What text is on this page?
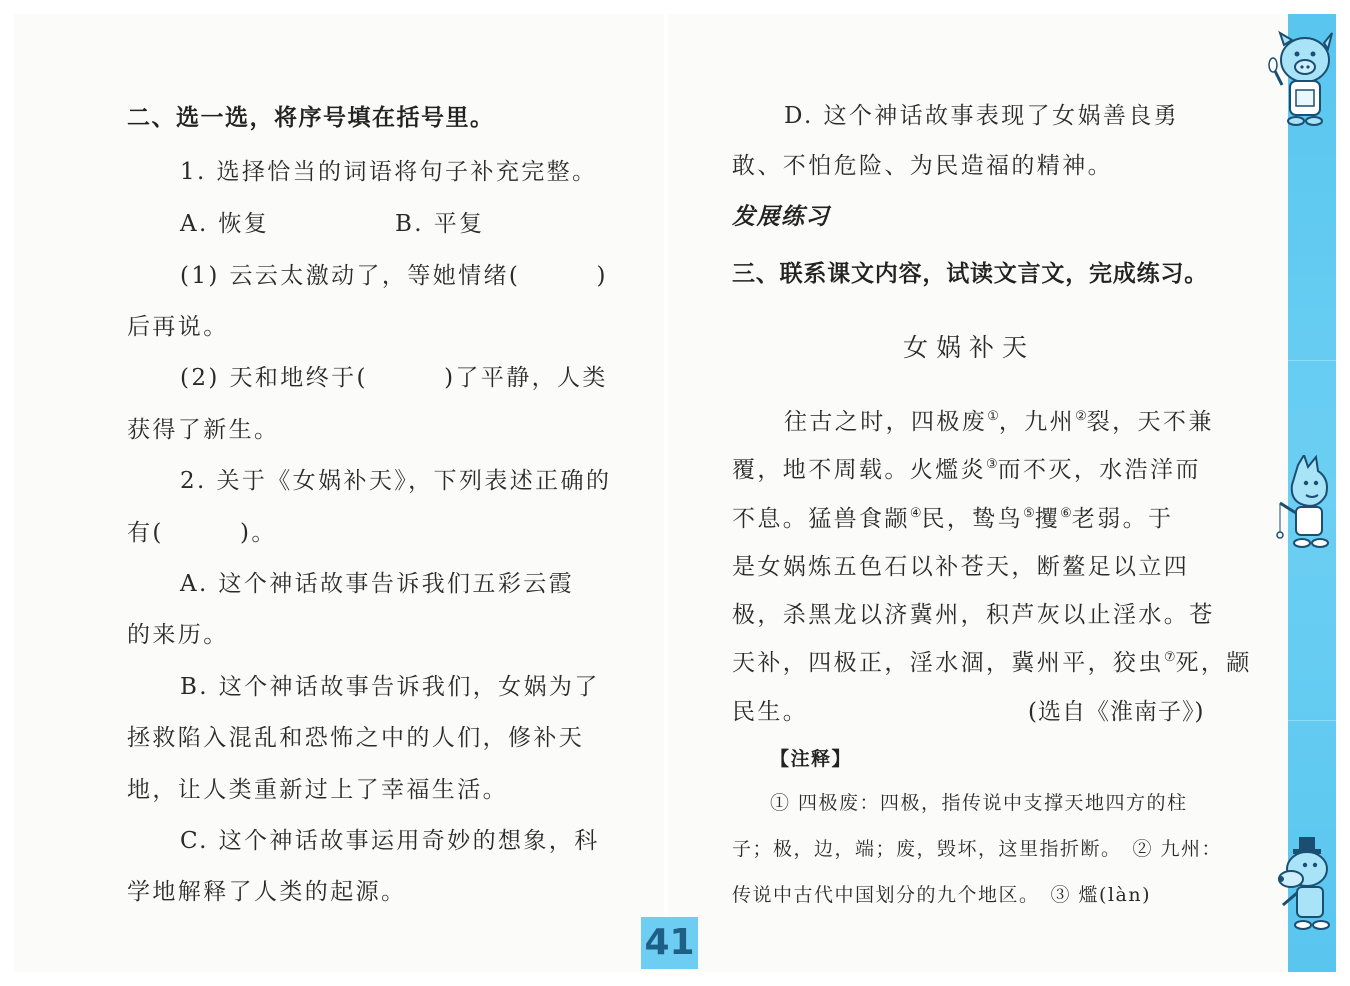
二、选一选，将序号填在括号里。
1. 选择恰当的词语将句子补充完整。
A. 恢复	B. 平复
(1) 云云太激动了，等她情绪(　　　)
后再说。
(2) 天和地终于(　　　)了平静，人类
获得了新生。
2. 关于《女娲补天》，下列表述正确的
有(　　　)。
A. 这个神话故事告诉我们五彩云霞
的来历。
B. 这个神话故事告诉我们，女娲为了
拯救陷入混乱和恐怖之中的人们，修补天
地，让人类重新过上了幸福生活。
C. 这个神话故事运用奇妙的想象，科
学地解释了人类的起源。
D. 这个神话故事表现了女娲善良勇
敢、不怕危险、为民造福的精神。
发展练习
三、联系课文内容，试读文言文，完成练习。
女娲补天
往古之时，四极废①，九州②裂，天不兼
覆，地不周载。火爁炎③而不灭，水浩洋而
不息。猛兽食颛④民，鸷鸟⑤攫⑥老弱。于
是女娲炼五色石以补苍天，断鳌足以立四
极，杀黑龙以济冀州，积芦灰以止淫水。苍
天补，四极正，淫水涸，冀州平，狡虫⑦死，颛
民生。	(选自《淮南子》)
【注释】
① 四极废：四极，指传说中支撑天地四方的柱
子；极，边，端；废，毁坏，这里指折断。　② 九州：
传说中古代中国划分的九个地区。　③ 爁(làn)
41
